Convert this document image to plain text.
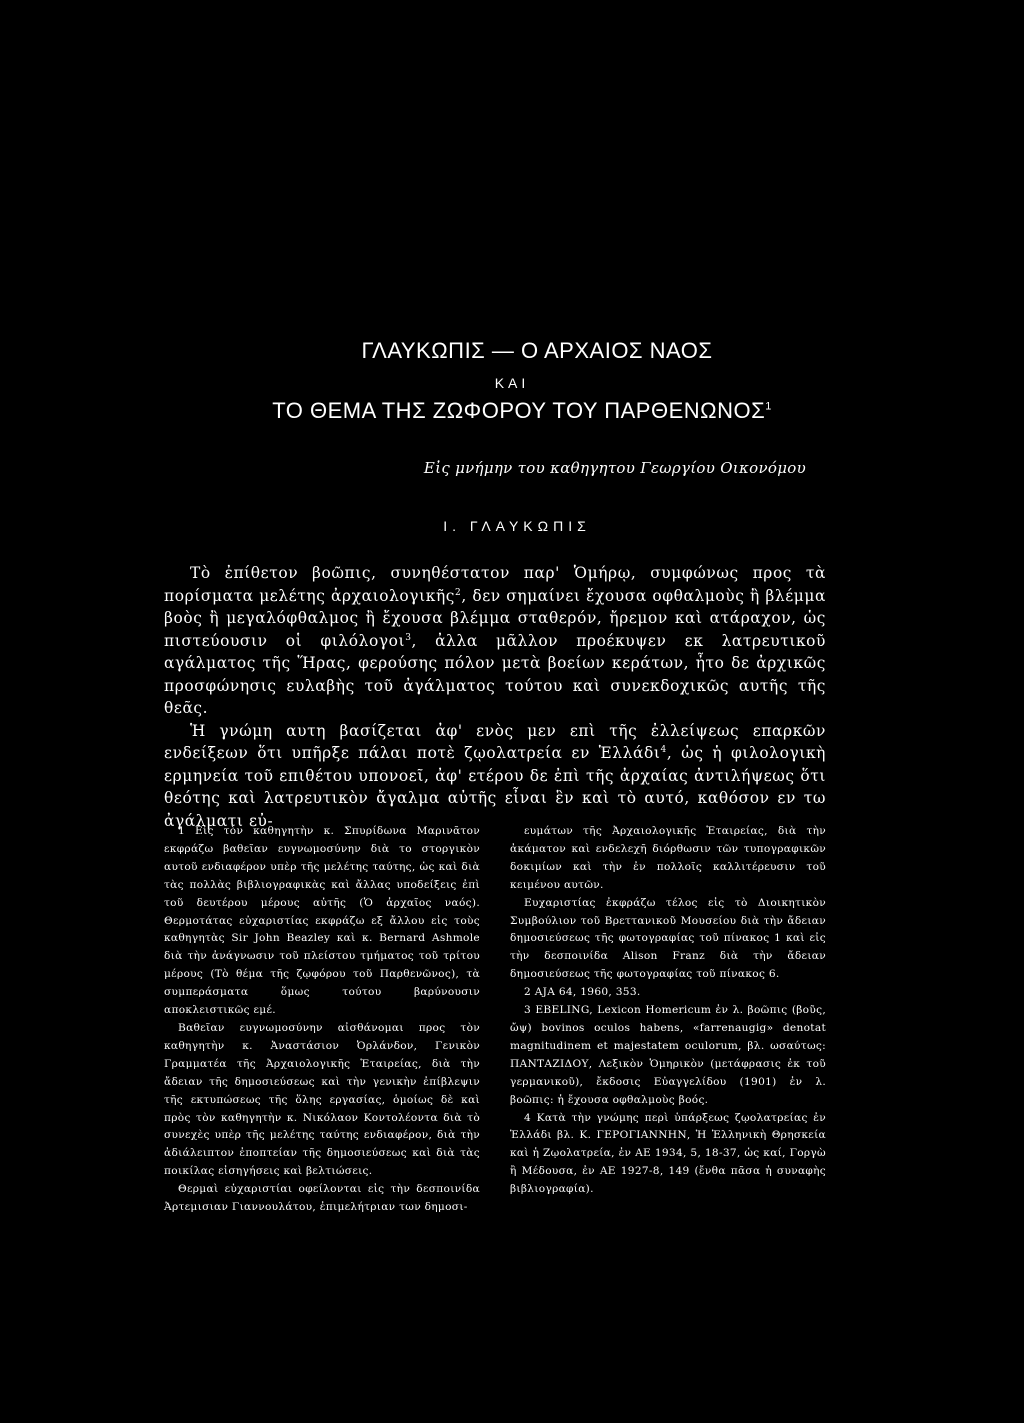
ΓΛΑΥΚΩΠΙΣ — Ο ΑΡΧΑΙΟΣ ΝΑΟΣ
ΚΑΙ
ΤΟ ΘΕΜΑ ΤΗΣ ΖΩΦΟΡΟΥ ΤΟΥ ΠΑΡΘΕΝΩΝΟΣ$^1$
Εἰς μνήμην του καθηγητου Γεωργίου Οικονόμου
I. ΓΛΑΥΚΩΠΙΣ

Τὸ ἐπίθετον βοῶπις, συνηθέστατον παρ' Ὁμήρῳ, συμφώνως προς τὰ πορίσματα μελέτης ἀρχαιολογικῆς$^2$, δεν σημαίνει ἔχουσα οφθαλμοὺς ἢ βλέμμα βοὸς ἢ μεγαλόφθαλμος ἢ ἔχουσα βλέμμα σταθερόν, ἤρεμον καὶ ατάραχον, ὡς πιστεύουσιν οἱ φιλόλογοι$^3$, ἀλλα μᾶλλον προέκυψεν εκ λατρευτικοῦ αγάλματος τῆς Ἥρας, φερούσης πόλον μετὰ βοείων κεράτων, ἦτο δε ἀρχικῶς προσφώνησις ευλαβὴς τοῦ ἀγάλματος τούτου καὶ συνεκδοχικῶς αυτῆς τῆς θεᾶς.

Ἡ γνώμη αυτη βασίζεται ἀφ' ενὸς μεν επὶ τῆς ἐλλείψεως επαρκῶν ενδείξεων ὅτι υπῆρξε πάλαι ποτὲ ζῳολατρεία εν Ἑλλάδι$^4$, ὡς ἡ φιλολογικὴ ερμηνεία τοῦ επιθέτου υπονοεῖ, ἀφ' ετέρου δε ἐπὶ τῆς ἀρχαίας ἀντιλήψεως ὅτι θεότης καὶ λατρευτικὸν ἄγαλμα αὐτῆς εἶναι ἓν καὶ τὸ αυτό, καθόσον εν τω ἀγάλματι εὐ-

1 Εἰς τὸν καθηγητὴν κ. Σπυρίδωνα Μαρινᾶτον εκφράζω βαθεῖαν ευγνωμοσύνην διὰ το στοργικὸν αυτοῦ ενδιαφέρον υπὲρ τῆς μελέτης ταύτης, ὡς καὶ διὰ τὰς πολλὰς βιβλιογραφικὰς καὶ ἄλλας υποδείξεις ἐπὶ τοῦ δευτέρου μέρους αὐτῆς (Ὁ ἀρχαῖος ναός). Θερμοτάτας εὐχαριστίας εκφράζω εξ ἄλλου εἰς τοὺς καθηγητὰς Sir John Beazley καὶ κ. Bernard Ashmole διὰ τὴν ἀνάγνωσιν τοῦ πλείστου τμήματος τοῦ τρίτου μέρους (Τὸ θέμα τῆς ζῳφόρου τοῦ Παρθενῶνος), τὰ συμπεράσματα ὅμως τούτου βαρύνουσιν αποκλειστικῶς εμέ.

Βαθεῖαν ευγνωμοσύνην αἰσθάνομαι προς τὸν καθηγητὴν κ. Ἀναστάσιον Ὀρλάνδον, Γενικὸν Γραμματέα τῆς Ἀρχαιολογικῆς Ἑταιρείας, διὰ τὴν ἄδειαν τῆς δημοσιεύσεως καὶ τὴν γενικὴν ἐπίβλεψιν τῆς εκτυπώσεως τῆς ὅλης εργασίας, ὁμοίως δὲ καὶ πρὸς τὸν καθηγητὴν κ. Νικόλαον Κοντολέοντα διὰ τὸ συνεχὲς υπὲρ τῆς μελέτης ταύτης ενδιαφέρον, διὰ τὴν ἀδιάλειπτον ἐποπτείαν τῆς δημοσιεύσεως καὶ διὰ τὰς ποικίλας εἰσηγήσεις καὶ βελτιώσεις.

Θερμαὶ εὐχαριστίαι οφείλονται εἰς τὴν δεσποινίδα Ἀρτεμισιαν Γιαννουλάτου, ἐπιμελήτριαν των δημοσι-

ευμάτων τῆς Ἀρχαιολογικῆς Ἑταιρείας, διὰ τὴν ἀκάματον καὶ ενδελεχῆ διόρθωσιν τῶν τυπογραφικῶν δοκιμίων καὶ τὴν ἐν πολλοῖς καλλιτέρευσιν τοῦ κειμένου αυτῶν.

Ευχαριστίας ἐκφράζω τέλος εἰς τὸ Διοικητικὸν Συμβούλιον τοῦ Βρεττανικοῦ Μουσείου διὰ τὴν ἄδειαν δημοσιεύσεως τῆς φωτογραφίας τοῦ πίνακος 1 καὶ εἰς τὴν δεσποινίδα Alison Franz διὰ τὴν ἄδειαν δημοσιεύσεως τῆς φωτογραφίας τοῦ πίνακος 6.

2 AJA 64, 1960, 353.

3 EBELING, Lexicon Homericum ἐν λ. βοῶπις (βοῦς, ὤψ) bovinos oculos habens, «farrenaugig» denotat magnitudinem et majestatem oculorum, βλ. ωσαύτως: ΠΑΝΤΑΖΙΔΟΥ, Λεξικὸν Ὁμηρικὸν (μετάφρασις ἐκ τοῦ γερμανικοῦ), ἔκδοσις Εὐαγγελίδου (1901) ἐν λ. βοῶπις: ἡ ἔχουσα οφθαλμοὺς βοός.

4 Κατὰ τὴν γνώμης περὶ ὑπάρξεως ζῳολατρείας ἐν Ἑλλάδι βλ. Κ. ΓΕΡΟΓΙΑΝΝΗΝ, Ἡ Ἑλληνικὴ Θρησκεία καὶ ἡ Ζῳολατρεία, ἐν ΑΕ 1934, 5, 18-37, ὡς καί, Γοργὼ ἢ Μέδουσα, ἐν ΑΕ 1927-8, 149 (ἔνθα πᾶσα ἡ συναφὴς βιβλιογραφία).
